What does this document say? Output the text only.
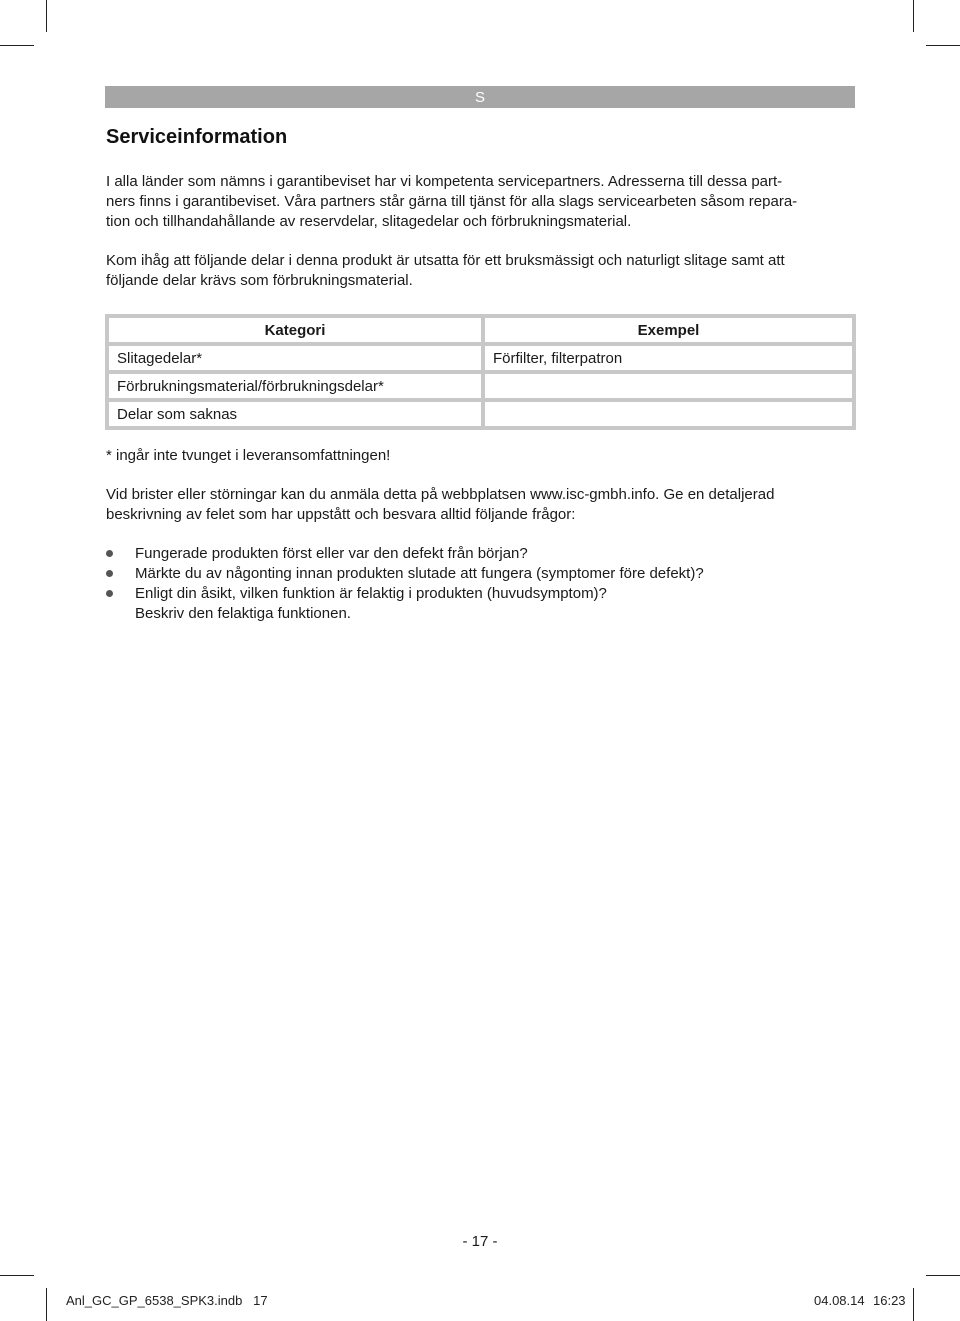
S
Serviceinformation

I alla länder som nämns i garantibeviset har vi kompetenta servicepartners. Adresserna till dessa part-
ners finns i garantibeviset. Våra partners står gärna till tjänst för alla slags servicearbeten såsom repara-
tion och tillhandahållande av reservdelar, slitagedelar och förbrukningsmaterial.

Kom ihåg att följande delar i denna produkt är utsatta för ett bruksmässigt och naturligt slitage samt att
följande delar krävs som förbrukningsmaterial.

Kategori	Exempel
Slitagedelar*	Förfilter, filterpatron
Förbrukningsmaterial/förbrukningsdelar*	
Delar som saknas	

* ingår inte tvunget i leveransomfattningen!

Vid brister eller störningar kan du anmäla detta på webbplatsen www.isc-gmbh.info. Ge en detaljerad
beskrivning av felet som har uppstått och besvara alltid följande frågor:

Fungerade produkten först eller var den defekt från början?
Märkte du av någonting innan produkten slutade att fungera (symptomer före defekt)?
Enligt din åsikt, vilken funktion är felaktig i produkten (huvudsymptom)?
Beskriv den felaktiga funktionen.
- 17 -
Anl_GC_GP_6538_SPK3.indb   17	04.08.14 16:23
